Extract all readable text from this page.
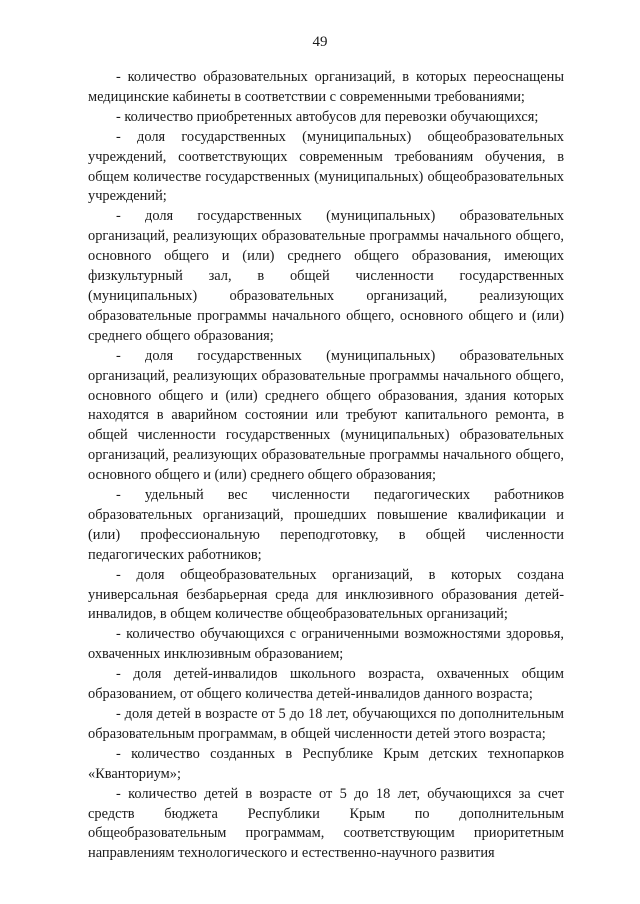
49

- количество образовательных организаций, в которых переоснащены медицинские кабинеты в соответствии с современными требованиями;

- количество приобретенных автобусов для перевозки обучающихся;

- доля государственных (муниципальных) общеобразовательных учреждений, соответствующих современным требованиям обучения, в общем количестве государственных (муниципальных) общеобразовательных учреждений;

- доля государственных (муниципальных) образовательных организаций, реализующих образовательные программы начального общего, основного общего и (или) среднего общего образования, имеющих физкультурный зал, в общей численности государственных (муниципальных) образовательных организаций, реализующих образовательные программы начального общего, основного общего и (или) среднего общего образования;

- доля государственных (муниципальных) образовательных организаций, реализующих образовательные программы начального общего, основного общего и (или) среднего общего образования, здания которых находятся в аварийном состоянии или требуют капитального ремонта, в общей численности государственных (муниципальных) образовательных организаций, реализующих образовательные программы начального общего, основного общего и (или) среднего общего образования;

- удельный вес численности педагогических работников образовательных организаций, прошедших повышение квалификации и (или) профессиональную переподготовку, в общей численности педагогических работников;

- доля общеобразовательных организаций, в которых создана универсальная безбарьерная среда для инклюзивного образования детей-инвалидов, в общем количестве общеобразовательных организаций;

- количество обучающихся с ограниченными возможностями здоровья, охваченных инклюзивным образованием;

- доля детей-инвалидов школьного возраста, охваченных общим образованием, от общего количества детей-инвалидов данного возраста;

- доля детей в возрасте от 5 до 18 лет, обучающихся по дополнительным образовательным программам, в общей численности детей этого возраста;

- количество созданных в Республике Крым детских технопарков «Кванториум»;

- количество детей в возрасте от 5 до 18 лет, обучающихся за счет средств бюджета Республики Крым по дополнительным общеобразовательным программам, соответствующим приоритетным направлениям технологического и естественно-научного развития
